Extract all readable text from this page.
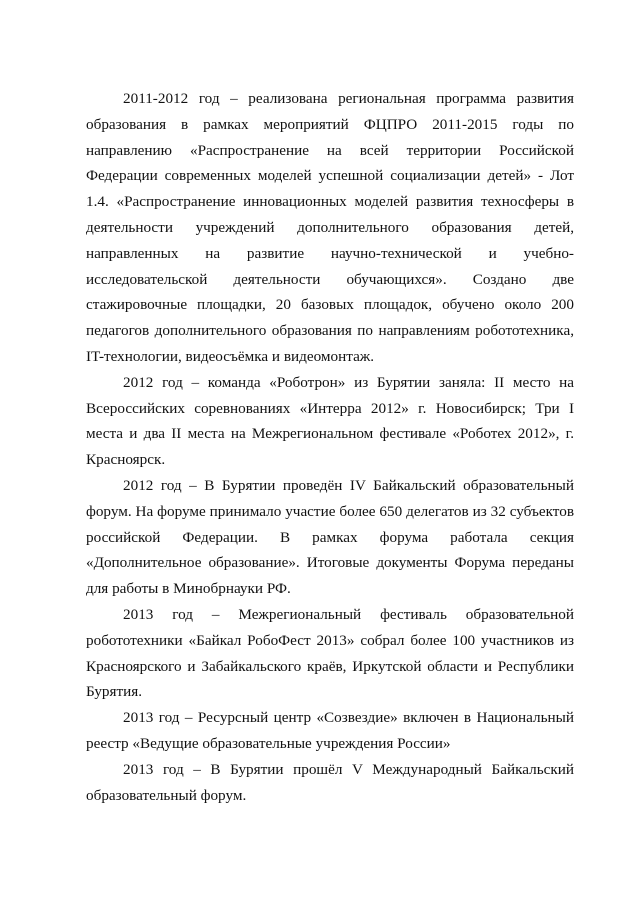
2011-2012 год – реализована региональная программа развития образования в рамках мероприятий ФЦПРО 2011-2015 годы по направлению «Распространение на всей территории Российской Федерации современных моделей успешной социализации детей» - Лот 1.4. «Распространение инновационных моделей развития техносферы в деятельности учреждений дополнительного образования детей, направленных на развитие научно-технической и учебно-исследовательской деятельности обучающихся». Создано две стажировочные площадки, 20 базовых площадок, обучено около 200 педагогов дополнительного образования по направлениям робототехника, IT-технологии, видеосъёмка и видеомонтаж.

2012 год – команда «Роботрон» из Бурятии заняла: II место на Всероссийских соревнованиях «Интерра 2012» г. Новосибирск; Три I места и два II места на Межрегиональном фестивале «Роботех 2012», г. Красноярск.

2012 год – В Бурятии проведён IV Байкальский образовательный форум. На форуме принимало участие более 650 делегатов из 32 субъектов российской Федерации. В рамках форума работала секция «Дополнительное образование». Итоговые документы Форума переданы для работы в Минобрнауки РФ.

2013 год – Межрегиональный фестиваль образовательной робототехники «Байкал РобоФест 2013» собрал более 100 участников из Красноярского и Забайкальского краёв, Иркутской области и Республики Бурятия.

2013 год – Ресурсный центр «Созвездие» включен в Национальный реестр «Ведущие образовательные учреждения России»

2013 год – В Бурятии прошёл V Международный Байкальский образовательный форум.
